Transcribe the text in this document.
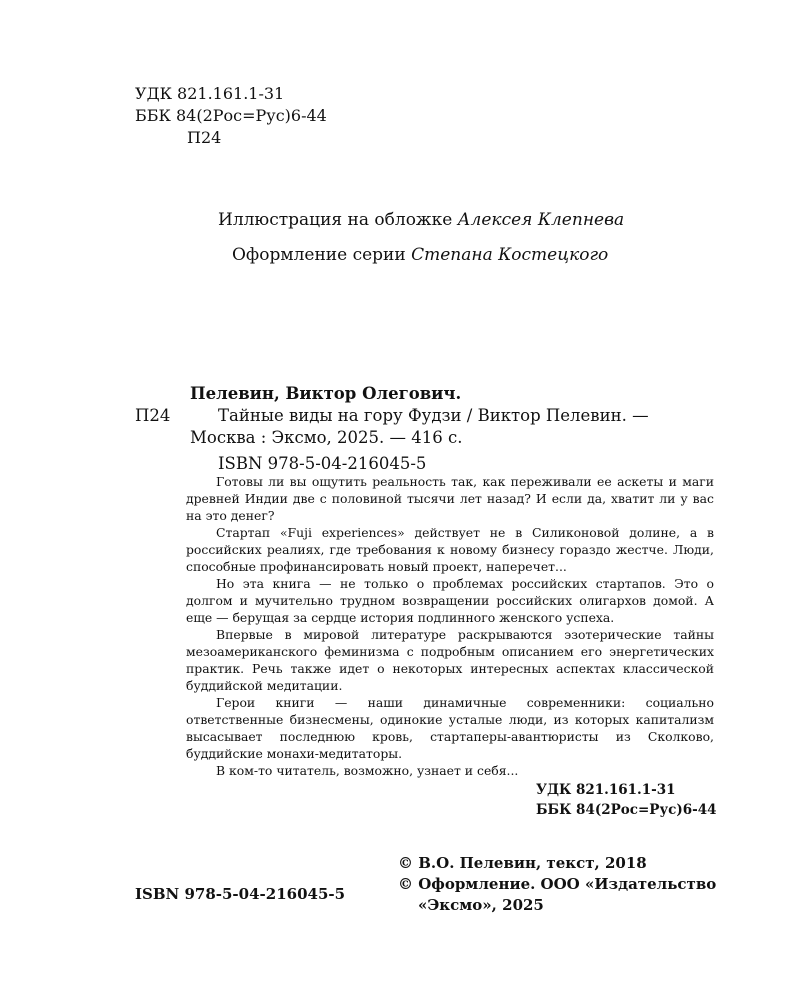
УДК 821.161.1-31
ББК 84(2Рос=Рус)6-44
П24
Иллюстрация на обложке Алексея Клепнева
Оформление серии Степана Костецкого
Пелевин, Виктор Олегович.
П24	Тайные виды на гору Фудзи / Виктор Пелевин. —
Москва : Эксмо, 2025. — 416 с.
ISBN 978-5-04-216045-5

Готовы ли вы ощутить реальность так, как переживали ее аскеты и маги древней Индии две с половиной тысячи лет назад? И если да, хватит ли у вас на это денег?

Стартап «Fuji experiences» действует не в Силиконовой долине, а в российских реалиях, где требования к новому бизнесу гораздо жестче. Люди, способные профинансировать новый проект, наперечет...

Но эта книга — не только о проблемах российских стартапов. Это о долгом и мучительно трудном возвращении российских олигархов домой. А еще — берущая за сердце история подлинного женского успеха.

Впервые в мировой литературе раскрываются эзотерические тайны мезоамериканского феминизма с подробным описанием его энергетических практик. Речь также идет о некоторых интересных аспектах классической буддийской медитации.

Герои книги — наши динамичные современники: социально ответственные бизнесмены, одинокие усталые люди, из которых капитализм высасывает последнюю кровь, стартаперы-авантюристы из Сколково, буддийские монахи-медитаторы.

В ком-то читатель, возможно, узнает и себя...

УДК 821.161.1-31
ББК 84(2Рос=Рус)6-44
ISBN 978-5-04-216045-5
© В.О. Пелевин, текст, 2018
© Оформление. ООО «Издательство
«Эксмо», 2025
